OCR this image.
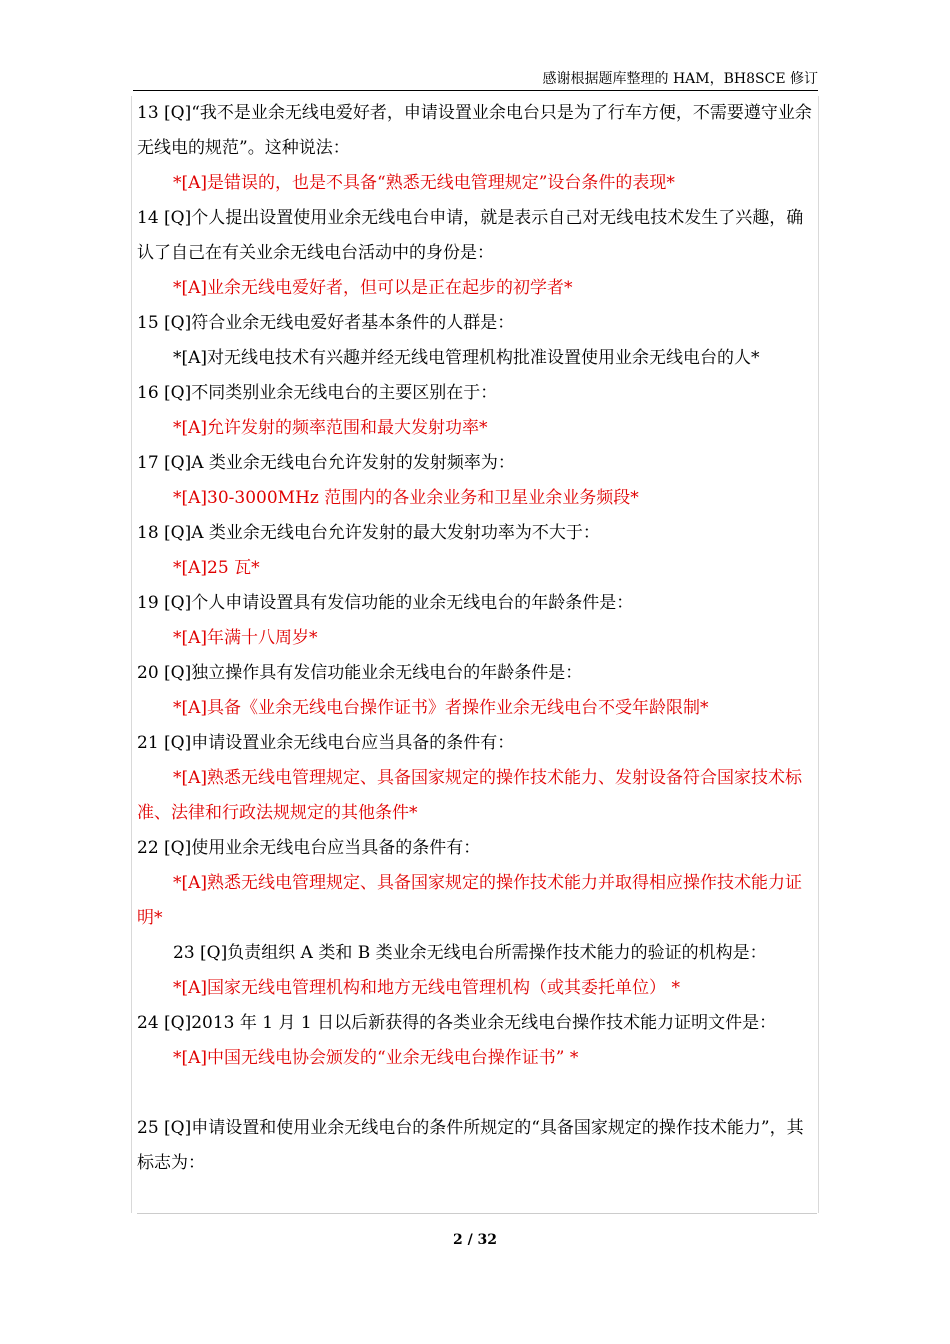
感谢根据题库整理的 HAM，BH8SCE 修订

13 [Q]“我不是业余无线电爱好者，申请设置业余电台只是为了行车方便，不需要遵守业余无线电的规范”。这种说法：

*[A]是错误的，也是不具备“熟悉无线电管理规定”设台条件的表现*

14 [Q]个人提出设置使用业余无线电台申请，就是表示自己对无线电技术发生了兴趣，确认了自己在有关业余无线电台活动中的身份是：

*[A]业余无线电爱好者，但可以是正在起步的初学者*

15 [Q]符合业余无线电爱好者基本条件的人群是：

*[A]对无线电技术有兴趣并经无线电管理机构批准设置使用业余无线电台的人*

16 [Q]不同类别业余无线电台的主要区别在于：

*[A]允许发射的频率范围和最大发射功率*

17 [Q]A 类业余无线电台允许发射的发射频率为：

*[A]30-3000MHz 范围内的各业余业务和卫星业余业务频段*

18 [Q]A 类业余无线电台允许发射的最大发射功率为不大于：

*[A]25 瓦*

19 [Q]个人申请设置具有发信功能的业余无线电台的年龄条件是：

*[A]年满十八周岁*

20 [Q]独立操作具有发信功能业余无线电台的年龄条件是：

*[A]具备《业余无线电台操作证书》者操作业余无线电台不受年龄限制*

21 [Q]申请设置业余无线电台应当具备的条件有：

*[A]熟悉无线电管理规定、具备国家规定的操作技术能力、发射设备符合国家技术标准、法律和行政法规规定的其他条件*

22 [Q]使用业余无线电台应当具备的条件有：

*[A]熟悉无线电管理规定、具备国家规定的操作技术能力并取得相应操作技术能力证明*

23 [Q]负责组织 A 类和 B 类业余无线电台所需操作技术能力的验证的机构是：

*[A]国家无线电管理机构和地方无线电管理机构（或其委托单位） *

24 [Q]2013 年 1 月 1 日以后新获得的各类业余无线电台操作技术能力证明文件是：

*[A]中国无线电协会颁发的“业余无线电台操作证书” *

25 [Q]申请设置和使用业余无线电台的条件所规定的“具备国家规定的操作技术能力”，其标志为：

2 / 32
